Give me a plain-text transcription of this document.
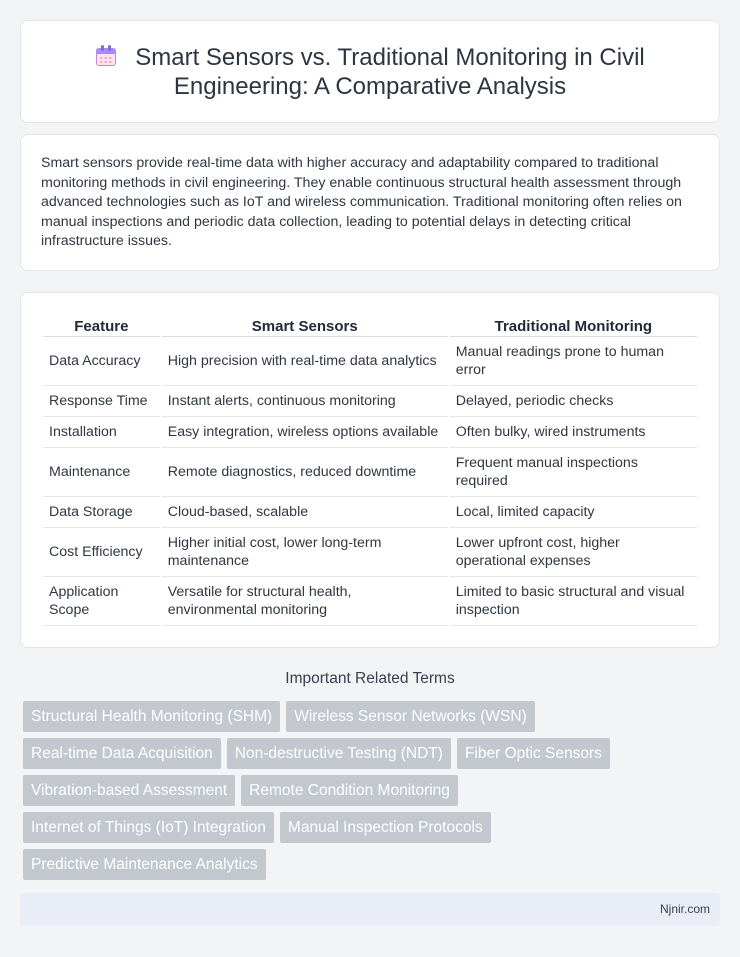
Smart Sensors vs. Traditional Monitoring in Civil
Engineering: A Comparative Analysis

Smart sensors provide real-time data with higher accuracy and adaptability compared to traditional monitoring methods in civil engineering. They enable continuous structural health assessment through advanced technologies such as IoT and wireless communication. Traditional monitoring often relies on manual inspections and periodic data collection, leading to potential delays in detecting critical infrastructure issues.

Feature	Smart Sensors	Traditional Monitoring
Data Accuracy	High precision with real-time data analytics	Manual readings prone to human error
Response Time	Instant alerts, continuous monitoring	Delayed, periodic checks
Installation	Easy integration, wireless options available	Often bulky, wired instruments
Maintenance	Remote diagnostics, reduced downtime	Frequent manual inspections required
Data Storage	Cloud-based, scalable	Local, limited capacity
Cost Efficiency	Higher initial cost, lower long-term maintenance	Lower upfront cost, higher operational expenses
Application Scope	Versatile for structural health, environmental monitoring	Limited to basic structural and visual inspection
Important Related Terms
Structural Health Monitoring (SHM)	Wireless Sensor Networks (WSN)
Real-time Data Acquisition	Non-destructive Testing (NDT)	Fiber Optic Sensors
Vibration-based Assessment	Remote Condition Monitoring
Internet of Things (IoT) Integration	Manual Inspection Protocols
Predictive Maintenance Analytics
Njnir.com
